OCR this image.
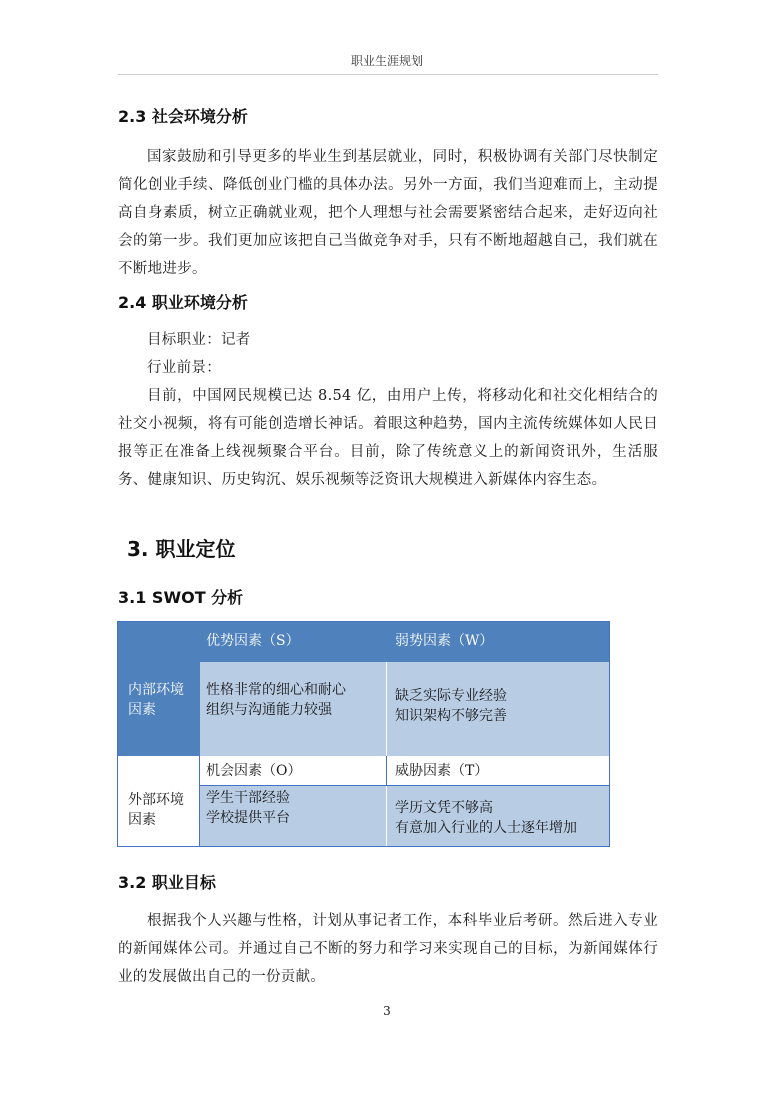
职业生涯规划
2.3 社会环境分析

国家鼓励和引导更多的毕业生到基层就业，同时，积极协调有关部门尽快制定简化创业手续、降低创业门槛的具体办法。另外一方面，我们当迎难而上，主动提高自身素质，树立正确就业观，把个人理想与社会需要紧密结合起来，走好迈向社会的第一步。我们更加应该把自己当做竞争对手，只有不断地超越自己，我们就在不断地进步。

2.4 职业环境分析
目标职业：记者
行业前景：

目前，中国网民规模已达 8.54 亿，由用户上传，将移动化和社交化相结合的社交小视频，将有可能创造增长神话。着眼这种趋势，国内主流传统媒体如人民日报等正在准备上线视频聚合平台。目前，除了传统意义上的新闻资讯外，生活服务、健康知识、历史钩沉、娱乐视频等泛资讯大规模进入新媒体内容生态。

3. 职业定位
3.1 SWOT 分析
内部环境因素
优势因素（S）	弱势因素（W）
性格非常的细心和耐心
组织与沟通能力较强
缺乏实际专业经验
知识架构不够完善
外部环境因素
机会因素（O）	威胁因素（T）
学生干部经验
学校提供平台
学历文凭不够高
有意加入行业的人士逐年增加
3.2 职业目标

根据我个人兴趣与性格，计划从事记者工作，本科毕业后考研。然后进入专业的新闻媒体公司。并通过自己不断的努力和学习来实现自己的目标，为新闻媒体行业的发展做出自己的一份贡献。

3
